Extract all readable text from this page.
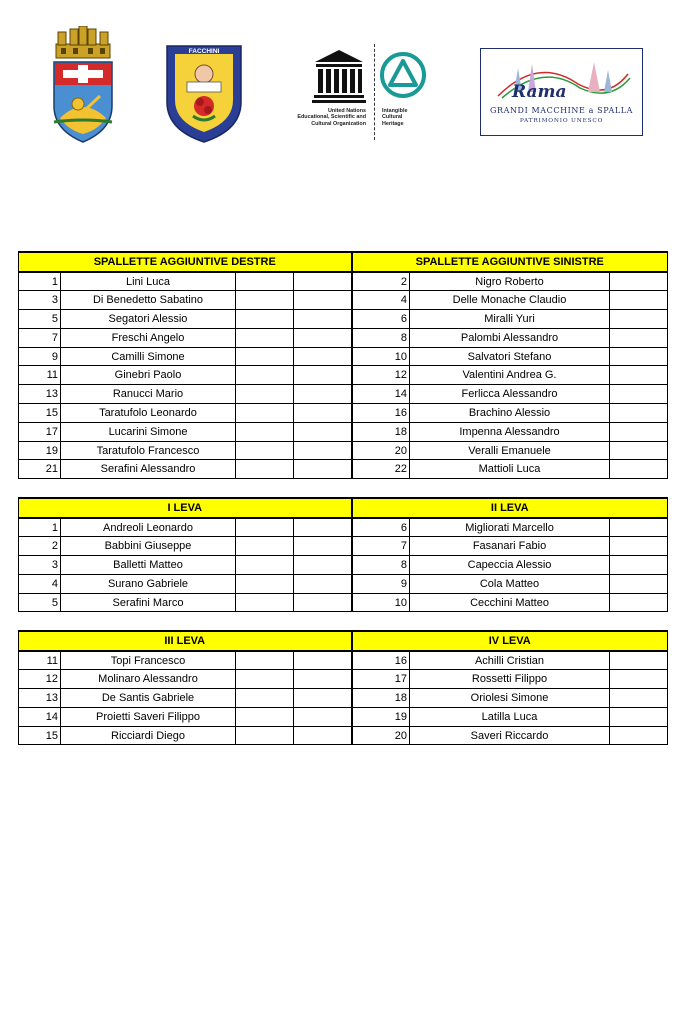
FACCHINI
United Nations
Educational, Scientific and
Cultural Organization
Intangible
Cultural
Heritage
Rama
GRANDI MACCHINE a SPALLA
PATRIMONIO UNESCO
SPALLETTE AGGIUNTIVE DESTRE				SPALLETTE AGGIUNTIVE SINISTRE		
1	Lini Luca			2	Nigro Roberto	
3	Di Benedetto Sabatino			4	Delle Monache Claudio	
5	Segatori Alessio			6	Miralli Yuri	
7	Freschi Angelo			8	Palombi Alessandro	
9	Camilli Simone			10	Salvatori Stefano	
11	Ginebri Paolo			12	Valentini Andrea G.	
13	Ranucci Mario			14	Ferlicca Alessandro	
15	Taratufolo Leonardo			16	Brachino Alessio	
17	Lucarini Simone			18	Impenna Alessandro	
19	Taratufolo Francesco			20	Veralli Emanuele	
21	Serafini Alessandro			22	Mattioli Luca	
I LEVA				II LEVA		
1	Andreoli Leonardo			6	Migliorati Marcello	
2	Babbini Giuseppe			7	Fasanari Fabio	
3	Balletti Matteo			8	Capeccia Alessio	
4	Surano Gabriele			9	Cola Matteo	
5	Serafini Marco			10	Cecchini Matteo	
III LEVA				IV LEVA		
11	Topi Francesco			16	Achilli Cristian	
12	Molinaro Alessandro			17	Rossetti Filippo	
13	De Santis Gabriele			18	Oriolesi Simone	
14	Proietti Saveri Filippo			19	Latilla Luca	
15	Ricciardi Diego			20	Saveri Riccardo	
